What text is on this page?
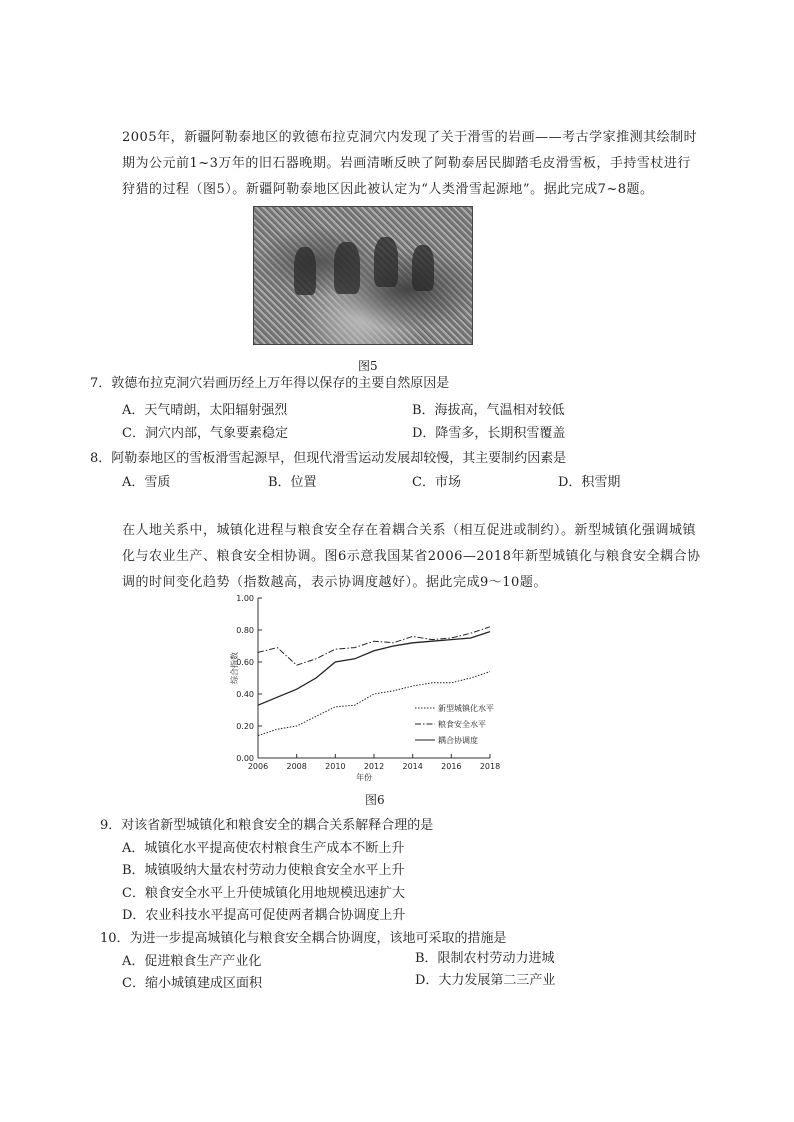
2005年，新疆阿勒泰地区的敦德布拉克洞穴内发现了关于滑雪的岩画——考古学家推测其绘制时期为公元前1~3万年的旧石器晚期。岩画清晰反映了阿勒泰居民脚踏毛皮滑雪板，手持雪杖进行狩猎的过程（图5）。新疆阿勒泰地区因此被认定为“人类滑雪起源地”。据此完成7~8题。
图5
7．敦德布拉克洞穴岩画历经上万年得以保存的主要自然原因是
A．天气晴朗，太阳辐射强烈	B．海拔高，气温相对较低
C．洞穴内部，气象要素稳定	D．降雪多，长期积雪覆盖
8．阿勒泰地区的雪板滑雪起源早，但现代滑雪运动发展却较慢，其主要制约因素是
A．雪质	B．位置	C．市场	D．积雪期
在人地关系中，城镇化进程与粮食安全存在着耦合关系（相互促进或制约）。新型城镇化强调城镇化与农业生产、粮食安全相协调。图6示意我国某省2006—2018年新型城镇化与粮食安全耦合协调的时间变化趋势（指数越高，表示协调度越好）。据此完成9～10题。
0.00
0.20
0.40
0.60
0.80
1.00
2006 2008 2010 2012 2014 2016 2018
年份
综合指数
新型城镇化水平
粮食安全水平
耦合协调度
图6
9．对该省新型城镇化和粮食安全的耦合关系解释合理的是
A．城镇化水平提高使农村粮食生产成本不断上升
B．城镇吸纳大量农村劳动力使粮食安全水平上升
C．粮食安全水平上升使城镇化用地规模迅速扩大
D．农业科技水平提高可促使两者耦合协调度上升
10．为进一步提高城镇化与粮食安全耦合协调度，该地可采取的措施是
A．促进粮食生产产业化	B．限制农村劳动力进城
C．缩小城镇建成区面积	D．大力发展第二三产业
